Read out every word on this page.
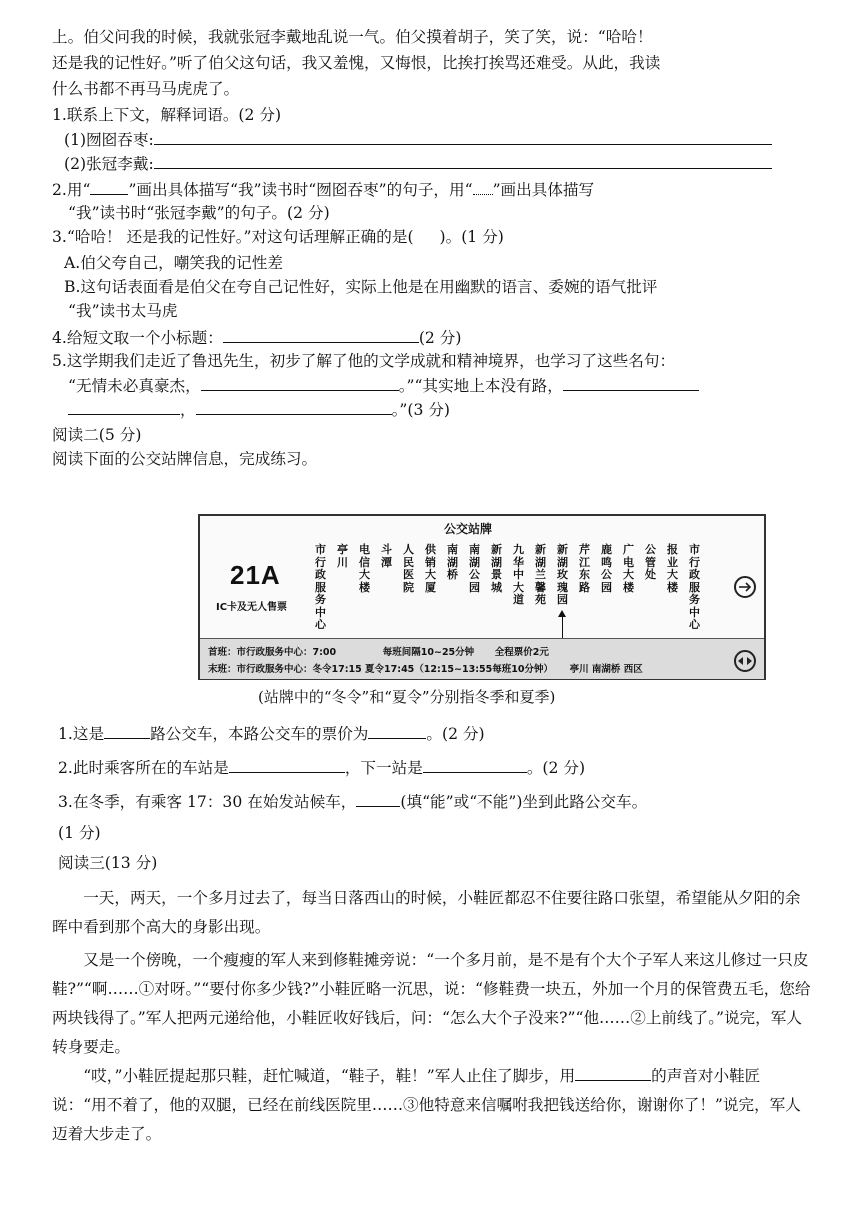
上。伯父问我的时候，我就张冠李戴地乱说一气。伯父摸着胡子，笑了笑，说：“哈哈！
还是我的记性好。”听了伯父这句话，我又羞愧，又悔恨，比挨打挨骂还难受。从此，我读
什么书都不再马马虎虎了。
1.联系上下文，解释词语。(2 分)
(1)囫囵吞枣:
(2)张冠李戴:
2.用“ ”画出具体描写“我”读书时“囫囵吞枣”的句子，用“ ”画出具体描写
“我”读书时“张冠李戴”的句子。(2 分)
3.“哈哈！ 还是我的记性好。”对这句话理解正确的是( )。(1 分)
A.伯父夸自己，嘲笑我的记性差
B.这句话表面看是伯父在夸自己记性好，实际上他是在用幽默的语言、委婉的语气批评
“我”读书太马虎
4.给短文取一个小标题：	(2 分)
5.这学期我们走近了鲁迅先生，初步了解了他的文学成就和精神境界，也学习了这些名句：
“无情未必真豪杰，	。”“其实地上本没有路，
，	。”(3 分)
阅读二(5 分)
阅读下面的公交站牌信息，完成练习。
公交站牌
21A
IC卡及无人售票
市行政服务中心
亭川
电信大楼
斗潭
人民医院
供销大厦
南湖桥
南湖公园
新湖景城
九华中大道
新湖兰馨苑
新湖玫瑰园
芹江东路
鹿鸣公园
广电大楼
公管处
报业大楼
市行政服务中心
首班：市行政服务中心：7:00	每班间隔10~25分钟 全程票价2元
末班：市行政服务中心：冬令17:15 夏令17:45（12:15~13:55每班10分钟） 亭川 南湖桥 西区
(站牌中的“冬令”和“夏令”分别指冬季和夏季)
1.这是	路公交车，本路公交车的票价为	。(2 分)
2.此时乘客所在的车站是	，下一站是	。(2 分)
3.在冬季，有乘客 17：30 在始发站候车，	(填“能”或“不能”)坐到此路公交车。
(1 分)
阅读三(13 分)
一天，两天，一个多月过去了，每当日落西山的时候，小鞋匠都忍不住要往路口张望，希望能从夕阳的余晖中看到那个高大的身影出现。
又是一个傍晚，一个瘦瘦的军人来到修鞋摊旁说：“一个多月前，是不是有个大个子军人来这儿修过一只皮鞋?”“啊……①对呀。”“要付你多少钱?”小鞋匠略一沉思，说：“修鞋费一块五，外加一个月的保管费五毛，您给两块钱得了。”军人把两元递给他，小鞋匠收好钱后，问：“怎么大个子没来?”“他……②上前线了。”说完，军人转身要走。
“哎，”小鞋匠提起那只鞋，赶忙喊道，“鞋子，鞋！”军人止住了脚步，用	的声音对小鞋匠说：“用不着了，他的双腿，已经在前线医院里……③他特意来信嘱咐我把钱送给你，谢谢你了！”说完，军人迈着大步走了。
